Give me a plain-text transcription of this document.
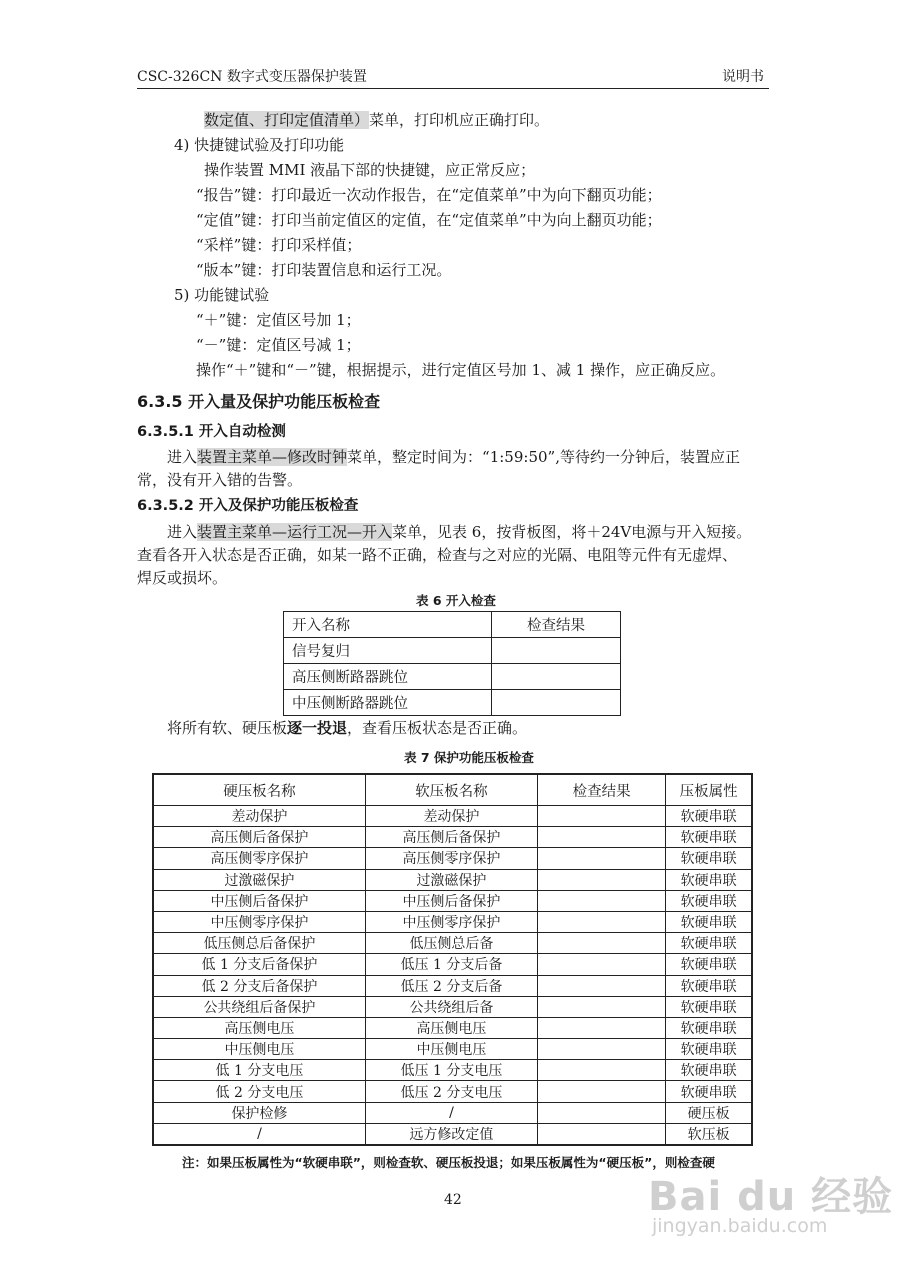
CSC-326CN 数字式变压器保护装置	说明书
数定值、打印定值清单）菜单，打印机应正确打印。
4) 快捷键试验及打印功能
操作装置 MMI 液晶下部的快捷键，应正常反应；
“报告”键：打印最近一次动作报告，在“定值菜单”中为向下翻页功能；
“定值”键：打印当前定值区的定值，在“定值菜单”中为向上翻页功能；
“采样”键：打印采样值；
“版本”键：打印装置信息和运行工况。
5) 功能键试验
“＋”键：定值区号加 1；
“－”键：定值区号减 1；
操作“＋”键和“－”键，根据提示，进行定值区号加 1、减 1 操作，应正确反应。
6.3.5 开入量及保护功能压板检查
6.3.5.1 开入自动检测
进入装置主菜单—修改时钟菜单，整定时间为：“1:59:50”,等待约一分钟后，装置应正
常，没有开入错的告警。
6.3.5.2 开入及保护功能压板检查
进入装置主菜单—运行工况—开入菜单，见表 6，按背板图，将＋24V电源与开入短接。
查看各开入状态是否正确，如某一路不正确，检查与之对应的光隔、电阻等元件有无虚焊、
焊反或损坏。
表 6 开入检查
开入名称	检查结果
信号复归	
高压侧断路器跳位	
中压侧断路器跳位	
将所有软、硬压板逐一投退，查看压板状态是否正确。
表 7 保护功能压板检查
硬压板名称	软压板名称	检查结果	压板属性
差动保护	差动保护		软硬串联
高压侧后备保护	高压侧后备保护		软硬串联
高压侧零序保护	高压侧零序保护		软硬串联
过激磁保护	过激磁保护		软硬串联
中压侧后备保护	中压侧后备保护		软硬串联
中压侧零序保护	中压侧零序保护		软硬串联
低压侧总后备保护	低压侧总后备		软硬串联
低 1 分支后备保护	低压 1 分支后备		软硬串联
低 2 分支后备保护	低压 2 分支后备		软硬串联
公共绕组后备保护	公共绕组后备		软硬串联
高压侧电压	高压侧电压		软硬串联
中压侧电压	中压侧电压		软硬串联
低 1 分支电压	低压 1 分支电压		软硬串联
低 2 分支电压	低压 2 分支电压		软硬串联
保护检修	/		硬压板
/	远方修改定值		软压板
注：如果压板属性为“软硬串联”，则检查软、硬压板投退；如果压板属性为“硬压板”，则检查硬
42	Bai du 经验
jingyan.baidu.com
